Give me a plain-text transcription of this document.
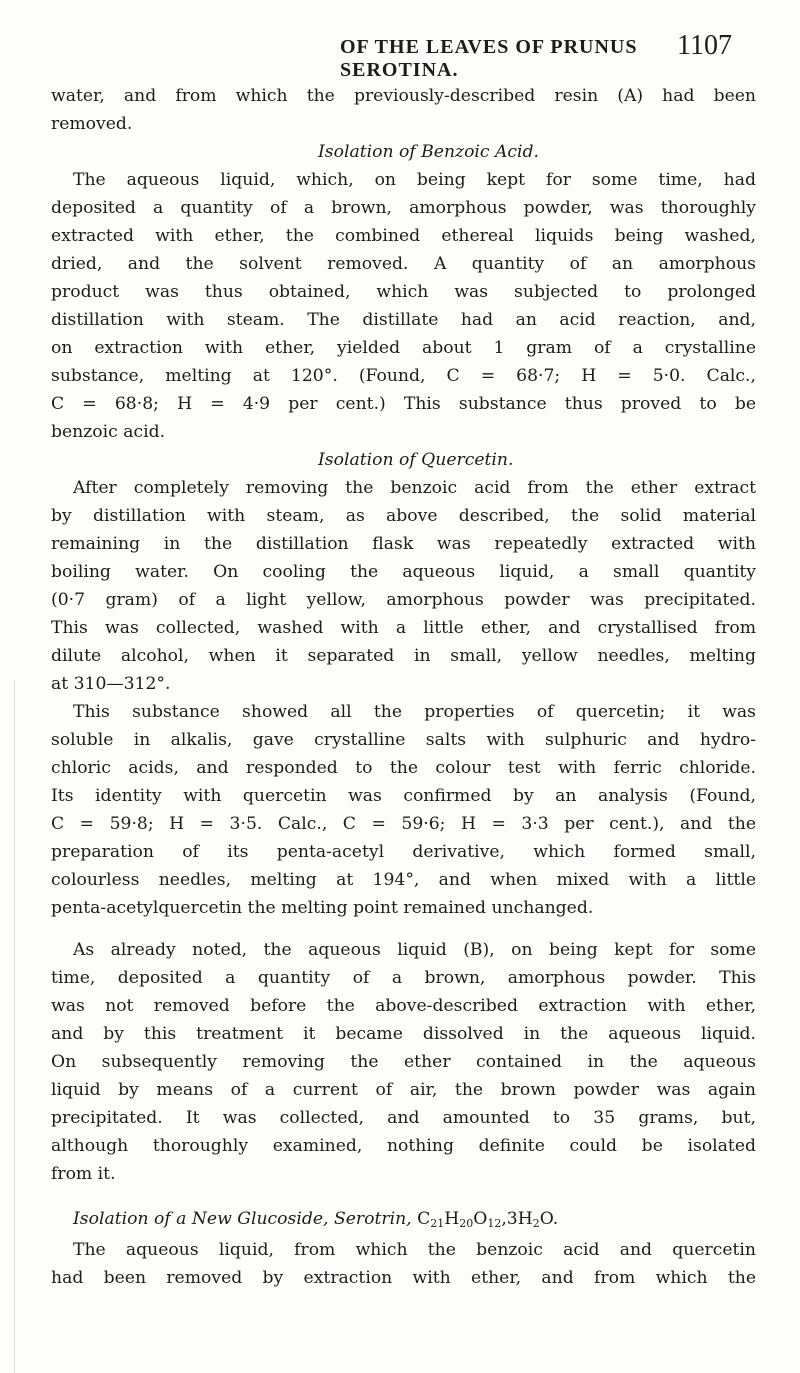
OF THE LEAVES OF PRUNUS SEROTINA.
1107
water, and from which the previously-described resin (A) had been
removed.
Isolation of Benzoic Acid.
The aqueous liquid, which, on being kept for some time, had
deposited a quantity of a brown, amorphous powder, was thoroughly
extracted with ether, the combined ethereal liquids being washed,
dried, and the solvent removed. A quantity of an amorphous
product was thus obtained, which was subjected to prolonged
distillation with steam. The distillate had an acid reaction, and,
on extraction with ether, yielded about 1 gram of a crystalline
substance, melting at 120°. (Found, C = 68·7; H = 5·0. Calc.,
C = 68·8; H = 4·9 per cent.) This substance thus proved to be
benzoic acid.
Isolation of Quercetin.
After completely removing the benzoic acid from the ether extract
by distillation with steam, as above described, the solid material
remaining in the distillation flask was repeatedly extracted with
boiling water. On cooling the aqueous liquid, a small quantity
(0·7 gram) of a light yellow, amorphous powder was precipitated.
This was collected, washed with a little ether, and crystallised from
dilute alcohol, when it separated in small, yellow needles, melting
at 310—312°.
This substance showed all the properties of quercetin; it was
soluble in alkalis, gave crystalline salts with sulphuric and hydro-
chloric acids, and responded to the colour test with ferric chloride.
Its identity with quercetin was confirmed by an analysis (Found,
C = 59·8; H = 3·5. Calc., C = 59·6; H = 3·3 per cent.), and the
preparation of its penta-acetyl derivative, which formed small,
colourless needles, melting at 194°, and when mixed with a little
penta-acetylquercetin the melting point remained unchanged.
As already noted, the aqueous liquid (B), on being kept for some
time, deposited a quantity of a brown, amorphous powder. This
was not removed before the above-described extraction with ether,
and by this treatment it became dissolved in the aqueous liquid.
On subsequently removing the ether contained in the aqueous
liquid by means of a current of air, the brown powder was again
precipitated. It was collected, and amounted to 35 grams, but,
although thoroughly examined, nothing definite could be isolated
from it.
Isolation of a New Glucoside, Serotrin, $C_{21}H_{20}O_{12},3H_2O$.
The aqueous liquid, from which the benzoic acid and quercetin
had been removed by extraction with ether, and from which the
